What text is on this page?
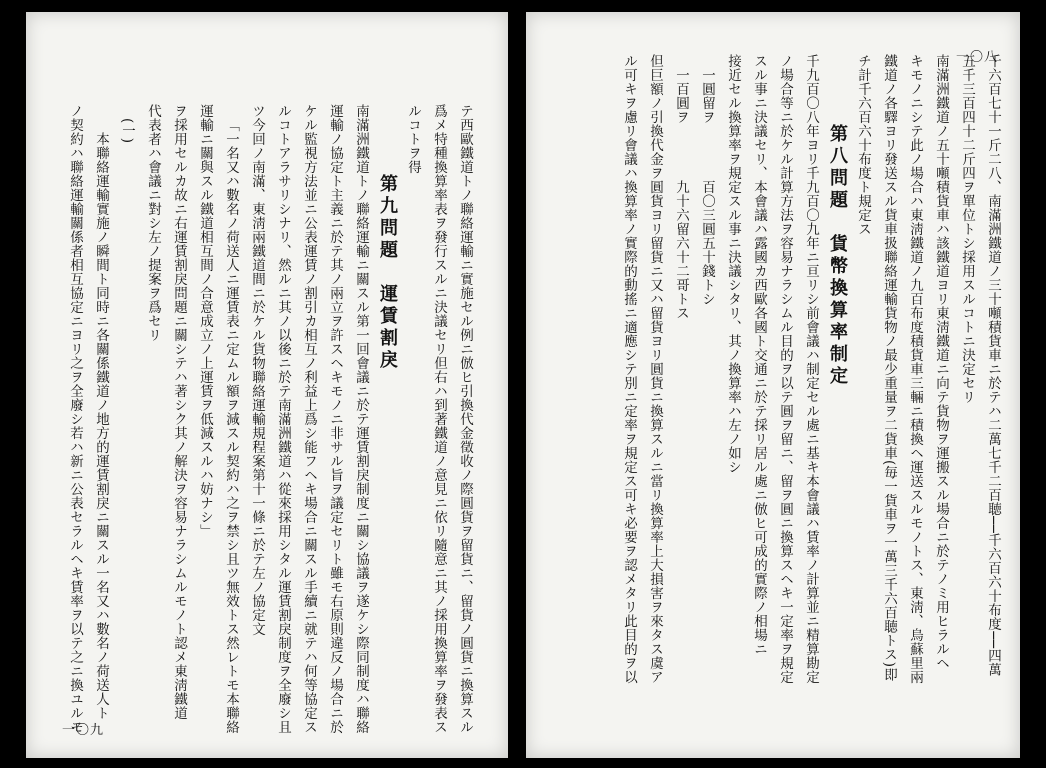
テ西歐鐵道トノ聯絡運輸ニ實施セル例ニ倣ヒ引換代金徵收ノ際圓貨ヲ留貨ニ、留貨ノ圓貨ニ換算スル
爲メ特種換算率表ヲ發行スルニ決議セリ但右ハ到著鐵道ノ意見ニ依リ隨意ニ其ノ採用換算率ヲ發表ス
ルコトヲ得
第九問題　運賃割戾
南滿洲鐵道トノ聯絡運輸ニ關スル第一回會議ニ於テ運賃割戾制度ニ關シ協議ヲ遂ケシ際同制度ハ聯絡
運輸ノ協定ト主義ニ於テ其ノ兩立ヲ許スヘキモノニ非サル旨ヲ議定セリト雖モ右原則違反ノ場合ニ於
ケル監視方法並ニ公表運賃ノ割引カ相互ノ利益上爲シ能フヘキ場合ニ關スル手續ニ就テハ何等協定ス
ルコトアラサリシナリ、然ルニ其ノ以後ニ於テ南滿洲鐵道ハ從來採用シタル運賃割戾制度ヲ全廢シ且
ツ今回ノ南滿、東淸兩鐵道間ニ於ケル貨物聯絡運輸規程案第十一條ニ於テ左ノ協定文
「一名又ハ數名ノ荷送人ニ運賃表ニ定ムル額ヲ減スル契約ハ之ヲ禁シ且ツ無效トス然レトモ本聯絡
運輸ニ關與スル鐵道相互間ノ合意成立ノ上運賃ヲ低減スルハ妨ナシ」
ヲ採用セルカ故ニ右運賃割戾問題ニ關シテハ著シク其ノ解決ヲ容易ナラシムルモノト認メ東淸鐵道
代表者ハ會議ニ對シ左ノ提案ヲ爲セリ
(一)
本聯絡運輸實施ノ瞬間ト同時ニ各關係鐵道ノ地方的運賃割戾ニ關スル一名又ハ數名ノ荷送人ト
ノ契約ハ聯絡運輸關係者相互協定ニヨリ之ヲ全廢シ若ハ新ニ公表セラルヘキ賃率ヲ以テ之ニ換ユルモ
一〇九
一〇八
千六百七十一斤二八、南滿洲鐵道ノ三十噸積貨車ニ於テハ二萬七千二百聴──千六百六十布度──四萬
五千三百四十二斤四ヲ單位トシ採用スルコトニ決定セリ
南滿洲鐵道ノ五十噸積貨車ハ該鐵道ヨリ東淸鐵道ニ向テ貨物ヲ運搬スル場合ニ於テノミ用ヒラルヘ
キモノニシテ此ノ場合ハ東淸鐵道ノ九百布度積貨車三輛ニ積換ヘ運送スルモノトス、東淸、烏蘇里兩
鐵道ノ各驛ヨリ發送スル貨車扱聯絡運輸貨物ノ最少重量ヲ二貨車(毎一貨車ヲ一萬三千六百聴トス)即
チ計千六百六十布度ト規定ス
第八問題　貨幣換算率制定
千九百〇八年ヨリ千九百〇九年ニ亘リシ前會議ハ制定セル處ニ基キ本會議ハ賃率ノ計算並ニ精算勘定
ノ場合等ニ於ケル計算方法ヲ容易ナラシムル目的ヲ以テ圓ヲ留ニ、留ヲ圓ニ換算スヘキ一定率ヲ規定
スル事ニ決議セリ、本會議ハ露國カ西歐各國ト交通ニ於テ採リ居ル處ニ倣ヒ可成的實際ノ相場ニ
接近セル換算率ヲ規定スル事ニ決議シタリ、其ノ換算率ハ左ノ如シ
一圓留ヲ　　　　百〇三圓五十錢トシ
一百圓ヲ　　　　九十六留六十二哥トス
但巨額ノ引換代金ヲ圓貨ヨリ留貨ニ又ハ留貨ヨリ圓貨ニ換算スルニ當リ換算率上大損害ヲ來タス虞ア
ル可キヲ慮リ會議ハ換算率ノ實際的動搖ニ適應シテ別ニ定率ヲ規定ス可キ必要ヲ認メタリ此目的ヲ以
